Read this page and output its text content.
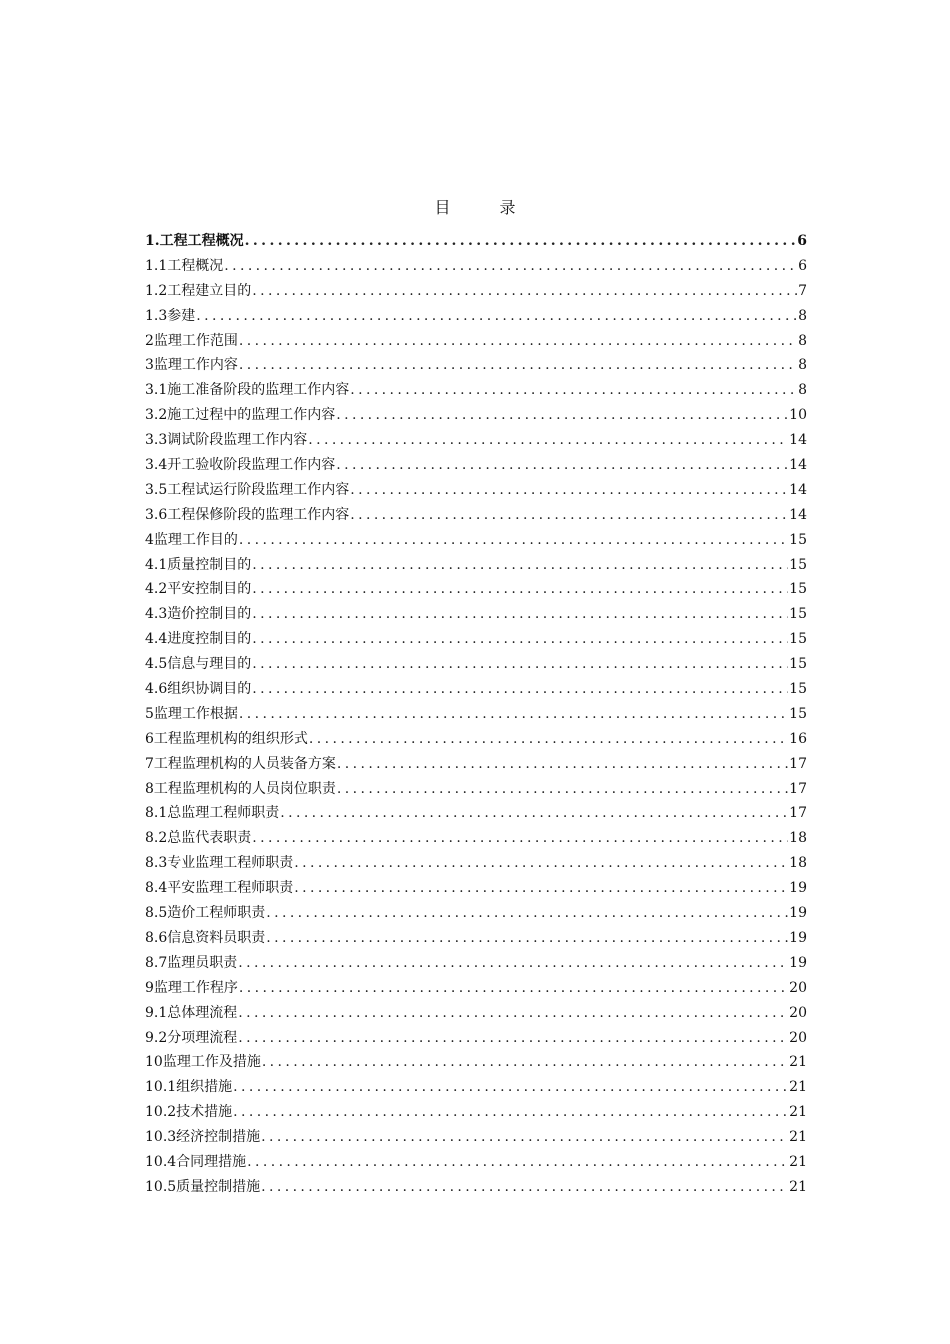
目 录
1.工程工程概况 .....	6
1.1工程概况 .....	6
1.2工程建立目的 .....	7
1.3参建 .....	8
2监理工作范围 .....	8
3监理工作内容 .....	8
3.1施工准备阶段的监理工作内容 .....	8
3.2施工过程中的监理工作内容 .....	10
3.3调试阶段监理工作内容 .....	14
3.4开工验收阶段监理工作内容 .....	14
3.5工程试运行阶段监理工作内容 .....	14
3.6工程保修阶段的监理工作内容 .....	14
4监理工作目的 .....	15
4.1质量控制目的 .....	15
4.2平安控制目的 .....	15
4.3造价控制目的 .....	15
4.4进度控制目的 .....	15
4.5信息与理目的 .....	15
4.6组织协调目的 .....	15
5监理工作根据 .....	15
6工程监理机构的组织形式 .....	16
7工程监理机构的人员装备方案 .....	17
8工程监理机构的人员岗位职责 .....	17
8.1总监理工程师职责 .....	17
8.2总监代表职责 .....	18
8.3专业监理工程师职责 .....	18
8.4平安监理工程师职责 .....	19
8.5造价工程师职责 .....	19
8.6信息资料员职责 .....	19
8.7监理员职责 .....	19
9监理工作程序 .....	20
9.1总体理流程 .....	20
9.2分项理流程 .....	20
10监理工作及措施 .....	21
10.1组织措施 .....	21
10.2技术措施 .....	21
10.3经济控制措施 .....	21
10.4合同理措施 .....	21
10.5质量控制措施 .....	21
